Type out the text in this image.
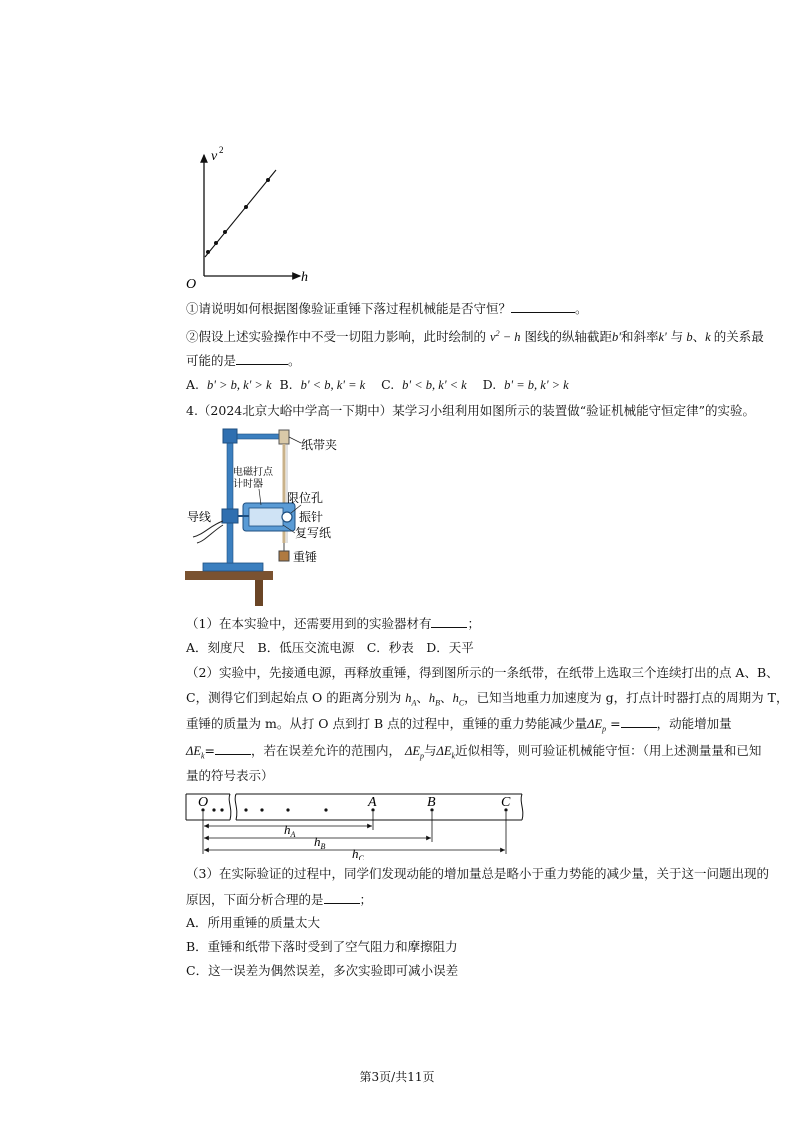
v 2
h
O
①请说明如何根据图像验证重锤下落过程机械能是否守恒？	。
②假设上述实验操作中不受一切阻力影响，此时绘制的 $v^2 - h$ 图线的纵轴截距b'和斜率k' 与 b、k 的关系最
可能的是	。
A. b' > b, k' > k B. b' < b, k' = k C. b' < b, k' < k D. b' = b, k' > k
4.（2024北京大峪中学高一下期中）某学习小组利用如图所示的装置做“验证机械能守恒定律”的实验。
纸带夹
电磁打点
计时器
限位孔
振针
复写纸
导线
重锤
（1）在本实验中，还需要用到的实验器材有	；
A．刻度尺　B．低压交流电源　C．秒表　D．天平
（2）实验中，先接通电源，再释放重锤，得到图所示的一条纸带，在纸带上选取三个连续打出的点 A、B、
C，测得它们到起始点 O 的距离分别为 $h_A$、$h_B$、$h_C$，已知当地重力加速度为 g，打点计时器打点的周期为 T，
重锤的质量为 m。从打 O 点到打 B 点的过程中，重锤的重力势能减少量$\Delta E_p$ =	，动能增加量
$\Delta E_k=$	，若在误差允许的范围内， $\Delta E_p$与$\Delta E_k$近似相等，则可验证机械能守恒：（用上述测量量和已知
量的符号表示）
O	A	B	C
$h_A$ $h_B$ $h_C$
（3）在实际验证的过程中，同学们发现动能的增加量总是略小于重力势能的减少量，关于这一问题出现的
原因，下面分析合理的是	；
A．所用重锤的质量太大
B．重锤和纸带下落时受到了空气阻力和摩擦阻力
C．这一误差为偶然误差，多次实验即可减小误差
第3页/共11页
